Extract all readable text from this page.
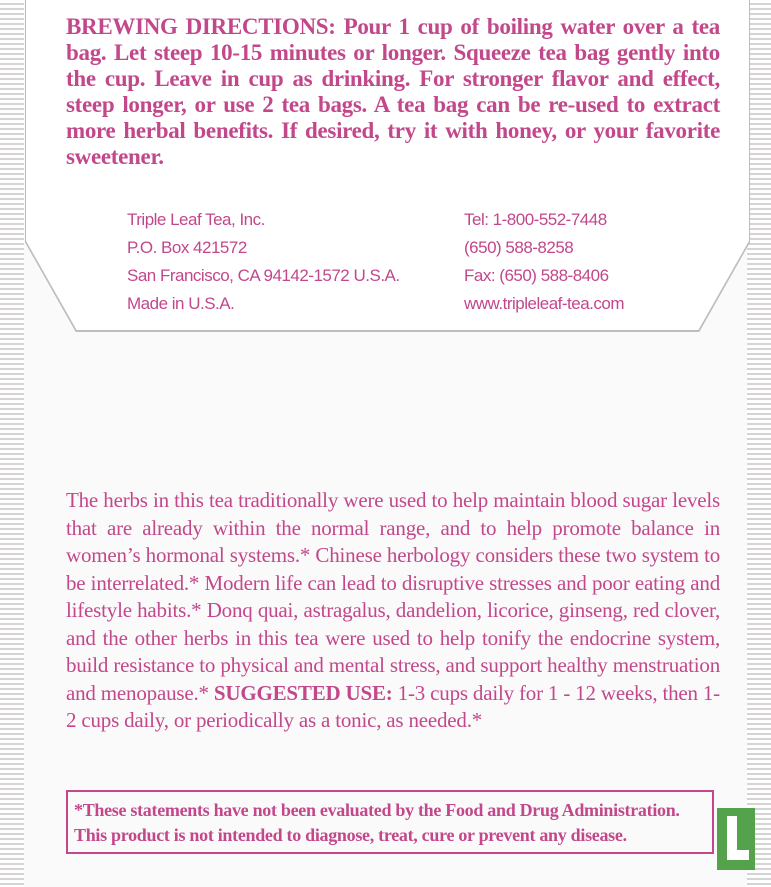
BREWING DIRECTIONS: Pour 1 cup of boiling water over a tea bag. Let steep 10-15 minutes or longer. Squeeze tea bag gently into the cup. Leave in cup as drinking. For stronger flavor and effect, steep longer, or use 2 tea bags. A tea bag can be re-used to extract more herbal benefits. If desired, try it with honey, or your favorite sweetener.
Triple Leaf Tea, Inc.
P.O. Box 421572
San Francisco, CA 94142-1572 U.S.A.
Made in U.S.A.
Tel: 1-800-552-7448
(650) 588-8258
Fax: (650) 588-8406
www.tripleleaf-tea.com
The herbs in this tea traditionally were used to help maintain blood sugar levels that are already within the normal range, and to help promote balance in women’s hormonal systems.* Chinese herbology considers these two system to be interrelated.* Modern life can lead to disruptive stresses and poor eating and lifestyle habits.* Donq quai, astragalus, dandelion, licorice, ginseng, red clover, and the other herbs in this tea were used to help tonify the endocrine system, build resistance to physical and mental stress, and support healthy menstruation and menopause.* SUGGESTED USE: 1-3 cups daily for 1 - 12 weeks, then 1-2 cups daily, or periodically as a tonic, as needed.*
*These statements have not been evaluated by the Food and Drug Administration.
This product is not intended to diagnose, treat, cure or prevent any disease.
